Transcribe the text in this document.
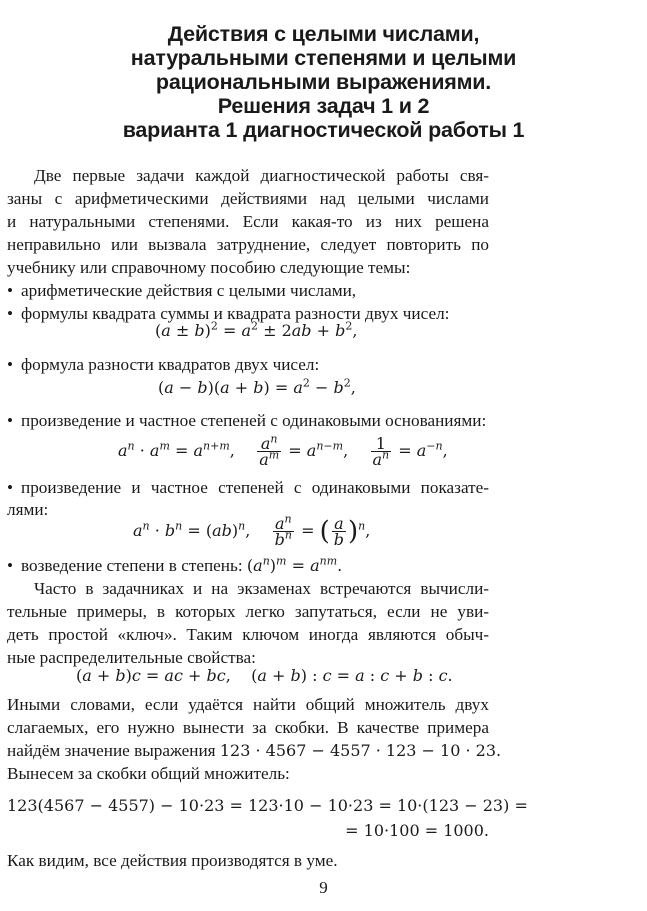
Действия с целыми числами,
натуральными степенями и целыми
рациональными выражениями.
Решения задач 1 и 2
варианта 1 диагностической работы 1
Две первые задачи каждой диагностической работы свя-
заны с арифметическими действиями над целыми числами
и натуральными степенями. Если какая-то из них решена
неправильно или вызвала затруднение, следует повторить по
учебнику или справочному пособию следующие темы:
• арифметические действия с целыми числами,
• формулы квадрата суммы и квадрата разности двух чисел:
$(a \pm b)^2 = a^2 \pm 2ab + b^2$,
• формула разности квадратов двух чисел:
$(a - b)(a + b) = a^2 - b^2$,
• произведение и частное степеней с одинаковыми основаниями:
$a^n \cdot a^m = a^{n+m}$, $\frac{a^n}{a^m} = a^{n-m}$, $\frac{1}{a^n} = a^{-n}$,
• произведение и частное степеней с одинаковыми показате-
лями:
$a^n \cdot b^n = (ab)^n$, $\frac{a^n}{b^n}$ = ( $\frac{a}{b} )^n$,
• возведение степени в степень: $(a^n)^m = a^{nm}$.
Часто в задачниках и на экзаменах встречаются вычисли-
тельные примеры, в которых легко запутаться, если не уви-
деть простой «ключ». Таким ключом иногда являются обыч-
ные распределительные свойства:
(a + b)c = ac + bc,    (a + b) : c = a : c + b : c.
Иными словами, если удаётся найти общий множитель двух
слагаемых, его нужно вынести за скобки. В качестве примера
найдём значение выражения 123 · 4567 − 4557 · 123 − 10 · 23.
Вынесем за скобки общий множитель:
123(4567 − 4557) − 10·23 = 123·10 − 10·23 = 10·(123 − 23) =
= 10·100 = 1000.
Как видим, все действия производятся в уме.
9
